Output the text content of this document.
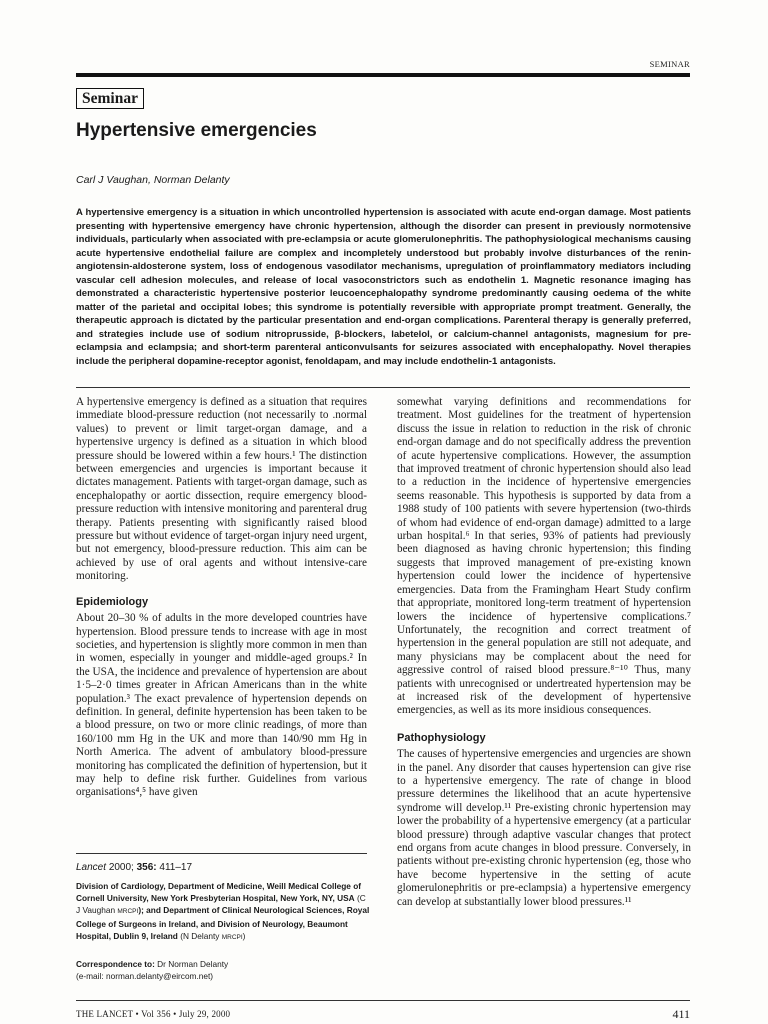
SEMINAR
Seminar
Hypertensive emergencies
Carl J Vaughan, Norman Delanty

A hypertensive emergency is a situation in which uncontrolled hypertension is associated with acute end-organ damage. Most patients presenting with hypertensive emergency have chronic hypertension, although the disorder can present in previously normotensive individuals, particularly when associated with pre-eclampsia or acute glomerulonephritis. The pathophysiological mechanisms causing acute hypertensive endothelial failure are complex and incompletely understood but probably involve disturbances of the renin-angiotensin-aldosterone system, loss of endogenous vasodilator mechanisms, upregulation of proinflammatory mediators including vascular cell adhesion molecules, and release of local vasoconstrictors such as endothelin 1. Magnetic resonance imaging has demonstrated a characteristic hypertensive posterior leucoencephalopathy syndrome predominantly causing oedema of the white matter of the parietal and occipital lobes; this syndrome is potentially reversible with appropriate prompt treatment. Generally, the therapeutic approach is dictated by the particular presentation and end-organ complications. Parenteral therapy is generally preferred, and strategies include use of sodium nitroprusside, β-blockers, labetelol, or calcium-channel antagonists, magnesium for pre-eclampsia and eclampsia; and short-term parenteral anticonvulsants for seizures associated with encephalopathy. Novel therapies include the peripheral dopamine-receptor agonist, fenoldapam, and may include endothelin-1 antagonists.

A hypertensive emergency is defined as a situation that requires immediate blood-pressure reduction (not necessarily to .normal values) to prevent or limit target-organ damage, and a hypertensive urgency is defined as a situation in which blood pressure should be lowered within a few hours.¹ The distinction between emergencies and urgencies is important because it dictates management. Patients with target-organ damage, such as encephalopathy or aortic dissection, require emergency blood-pressure reduction with intensive monitoring and parenteral drug therapy. Patients presenting with significantly raised blood pressure but without evidence of target-organ injury need urgent, but not emergency, blood-pressure reduction. This aim can be achieved by use of oral agents and without intensive-care monitoring.

Epidemiology

About 20–30 % of adults in the more developed countries have hypertension. Blood pressure tends to increase with age in most societies, and hypertension is slightly more common in men than in women, especially in younger and middle-aged groups.² In the USA, the incidence and prevalence of hypertension are about 1·5–2·0 times greater in African Americans than in the white population.³ The exact prevalence of hypertension depends on definition. In general, definite hypertension has been taken to be a blood pressure, on two or more clinic readings, of more than 160/100 mm Hg in the UK and more than 140/90 mm Hg in North America. The advent of ambulatory blood-pressure monitoring has complicated the definition of hypertension, but it may help to define risk further. Guidelines from various organisations⁴,⁵ have given

somewhat varying definitions and recommendations for treatment. Most guidelines for the treatment of hypertension discuss the issue in relation to reduction in the risk of chronic end-organ damage and do not specifically address the prevention of acute hypertensive complications. However, the assumption that improved treatment of chronic hypertension should also lead to a reduction in the incidence of hypertensive emergencies seems reasonable. This hypothesis is supported by data from a 1988 study of 100 patients with severe hypertension (two-thirds of whom had evidence of end-organ damage) admitted to a large urban hospital.⁶ In that series, 93% of patients had previously been diagnosed as having chronic hypertension; this finding suggests that improved management of pre-existing known hypertension could lower the incidence of hypertensive emergencies. Data from the Framingham Heart Study confirm that appropriate, monitored long-term treatment of hypertension lowers the incidence of hypertensive complications.⁷ Unfortunately, the recognition and correct treatment of hypertension in the general population are still not adequate, and many physicians may be complacent about the need for aggressive control of raised blood pressure.⁸⁻¹⁰ Thus, many patients with unrecognised or undertreated hypertension may be at increased risk of the development of hypertensive emergencies, as well as its more insidious consequences.

Pathophysiology

The causes of hypertensive emergencies and urgencies are shown in the panel. Any disorder that causes hypertension can give rise to a hypertensive emergency. The rate of change in blood pressure determines the likelihood that an acute hypertensive syndrome will develop.¹¹ Pre-existing chronic hypertension may lower the probability of a hypertensive emergency (at a particular blood pressure) through adaptive vascular changes that protect end organs from acute changes in blood pressure. Conversely, in patients without pre-existing chronic hypertension (eg, those who have become hypertensive in the setting of acute glomerulonephritis or pre-eclampsia) a hypertensive emergency can develop at substantially lower blood pressures.¹¹

Lancet 2000; 356: 411–17

Division of Cardiology, Department of Medicine, Weill Medical College of Cornell University, New York Presbyterian Hospital, New York, NY, USA (C J Vaughan MRCPI); and Department of Clinical Neurological Sciences, Royal College of Surgeons in Ireland, and Division of Neurology, Beaumont Hospital, Dublin 9, Ireland (N Delanty MRCPI)

Correspondence to: Dr Norman Delanty
(e-mail: norman.delanty@eircom.net)
THE LANCET • Vol 356 • July 29, 2000	411
